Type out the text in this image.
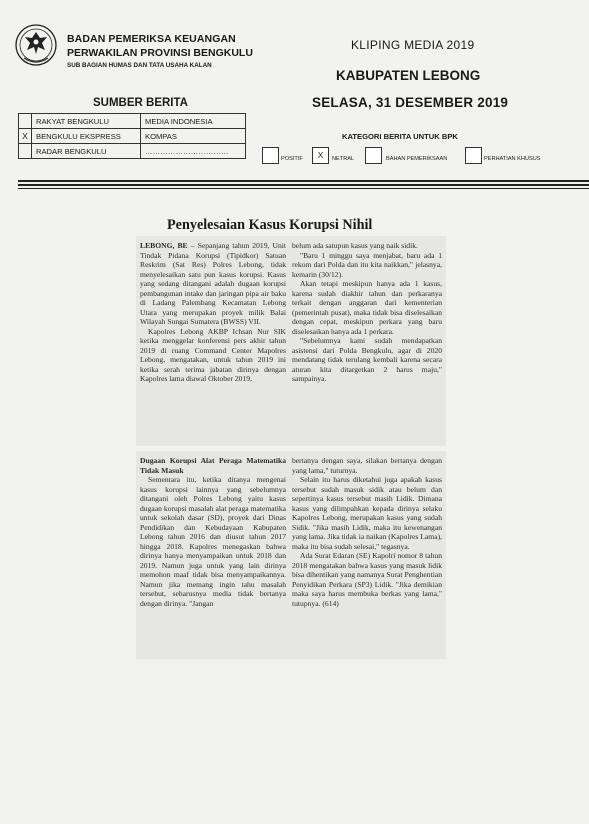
BADAN PEMERIKSA KEUANGAN
PERWAKILAN PROVINSI BENGKULU
SUB BAGIAN HUMAS DAN TATA USAHA KALAN
KLIPING MEDIA 2019
KABUPATEN LEBONG
SELASA, 31 DESEMBER 2019
SUMBER BERITA
	RAKYAT BENGKULU	MEDIA INDONESIA
X	BENGKULU EKSPRESS	KOMPAS
	RADAR BENGKULU	……………………………
KATEGORI BERITA UNTUK BPK
POSITIF	X	NETRAL	BAHAN PEMERIKSAAN	PERHATIAN KHUSUS
Penyelesaian Kasus Korupsi Nihil

LEBONG, BE – Sepanjang tahun 2019, Unit Tindak Pidana Korupsi (Tipidkor) Satuan Reskrim (Sat Res) Polres Lebong, tidak menyelesaikan satu pun kasus korupsi. Kasus yang sedang ditangani adalah dugaan korupsi pembangunan intake dan jaringan pipa air baku di Ladang Palembang Kecamatan Lebong Utara yang merupakan proyek milik Balai Wilayah Sungai Sumatera (BWSS) VII.

Kapolres Lebong AKBP Ichsan Nur SIK ketika menggelar konferensi pers akhir tahun 2019 di ruang Command Center Mapolres Lebong, mengatakan, untuk tahun 2019 ini ketika serah terima jabatan dirinya dengan Kapolres lama diawal Oktober 2019,

belum ada satupun kasus yang naik sidik.

"Baru 1 minggu saya menjabat, baru ada 1 rekom dari Polda dan itu kita naikkan," jelasnya, kemarin (30/12).

Akan tetapi meskipun hanya ada 1 kasus, karena sudah diakhir tahun dan perkaranya terkait dengan anggaran dari kementerian (pemerintah pusat), maka tidak bisa diselesaikan dengan cepat, meskipun perkara yang baru diselesaikan hanya ada 1 perkara.

"Sebelumnya kami sudah mendapatkan asistensi dari Polda Bengkulu, agar di 2020 mendatang tidak terulang kembali karena secara aturan kita ditargetkan 2 harus maju," sampainya.

Dugaan Korupsi Alat Peraga Matematika Tidak Masuk

Sementara itu, ketika ditanya mengenai kasus korupsi lainnya yang sebelumnya ditangani oleh Polres Lebong yaitu kasus dugaan korupsi masalah alat peraga matematika untuk sekolah dasar (SD), proyek dari Dinas Pendidikan dan Kebudayaan Kabupaten Lebong tahun 2016 dan diusut tahun 2017 hingga 2018. Kapolres menegaskan bahwa dirinya hanya menyampaikan untuk 2018 dan 2019. Namun juga untuk yang lain dirinya memohon maaf tidak bisa menyampaikannya. Namun jika memang ingin tahu masalah tersebut, seharusnya media tidak bertanya dengan dirinya. "Jangan

bertanya dengan saya, silakan bertanya dengan yang lama," tuturnya.

Selain itu harus diketahui juga apakah kasus tersebut sudah masuk sidik atau belum dan sepertinya kasus tersebut masih Lidik. Dimana kasus yang dilimpahkan kepada dirinya selaku Kapolres Lebong, merupakan kasus yang sudah Sidik. "Jika masih Lidik, maka itu kewenangan yang lama. Jika tidak ia naikan (Kapolres Lama), maka itu bisa sudah selesai," tegasnya.

Ada Surat Edaran (SE) Kapolri nomor 8 tahun 2018 mengatakan bahwa kasus yang masuk lidik bisa dihentikan yang namanya Surat Penghentian Penyidikan Perkara (SP3) Lidik. "Jika demikian maka saya harus membuka berkas yang lama," tutupnya. (614)
